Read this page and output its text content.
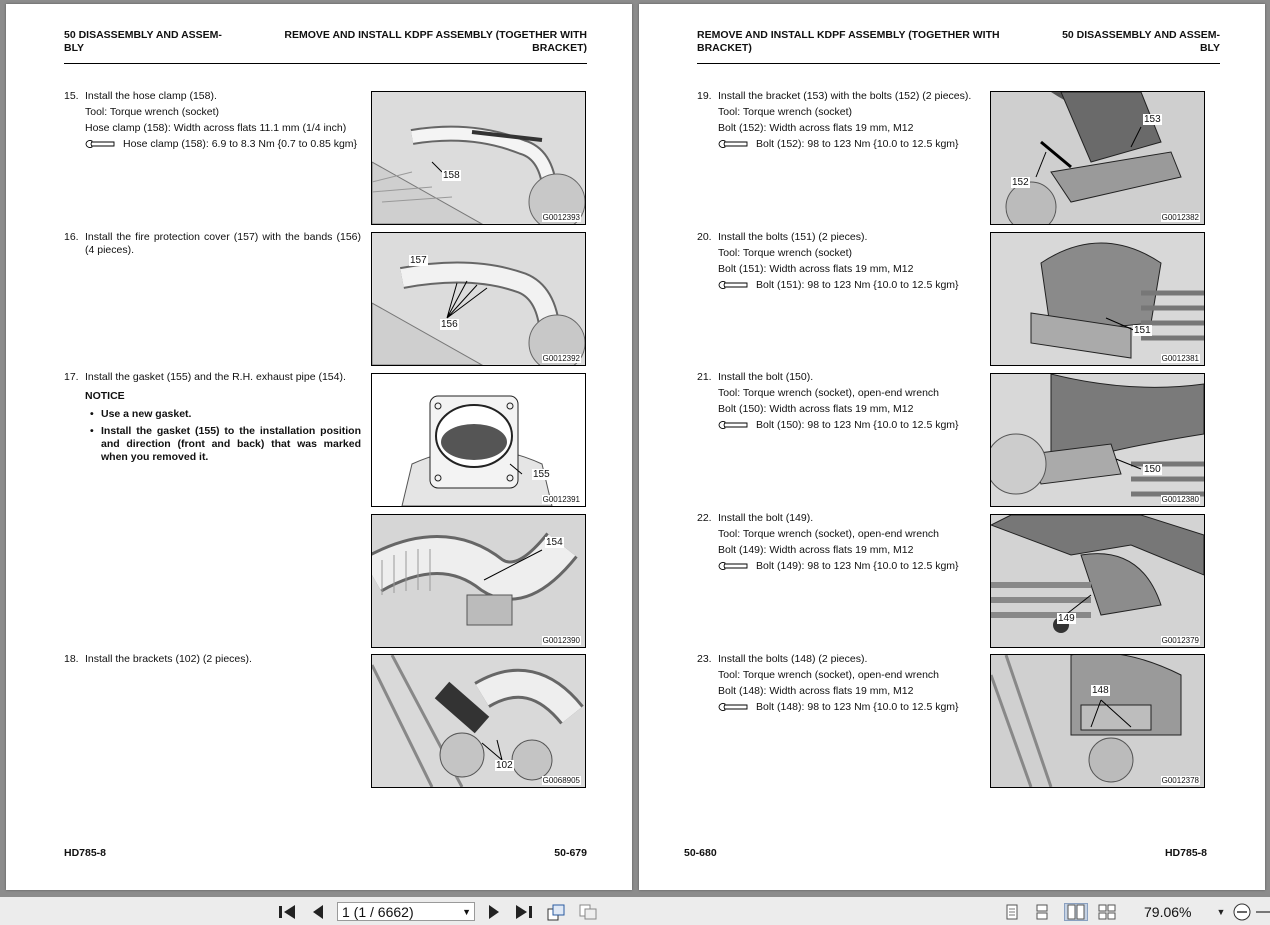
50 DISASSEMBLY AND ASSEM-BLY
REMOVE AND INSTALL KDPF ASSEMBLY (TOGETHER WITH BRACKET)
15. Install the hose clamp (158).
Tool: Torque wrench (socket)
Hose clamp (158): Width across flats 11.1 mm (1/4 inch)
Hose clamp (158): 6.9 to 8.3 Nm {0.7 to 0.85 kgm}
16. Install the fire protection cover (157) with the bands (156) (4 pieces).
17. Install the gasket (155) and the R.H. exhaust pipe (154).
NOTICE
• Use a new gasket.
• Install the gasket (155) to the installation position and direction (front and back) that was marked when you removed it.
18. Install the brackets (102) (2 pieces).
158
G0012393
157
156
G0012392
155
G0012391
154
G0012390
102
G0068905
HD785-8	50-679
REMOVE AND INSTALL KDPF ASSEMBLY (TOGETHER WITH BRACKET)
50 DISASSEMBLY AND ASSEM-BLY
19. Install the bracket (153) with the bolts (152) (2 pieces).
Tool: Torque wrench (socket)
Bolt (152): Width across flats 19 mm, M12
Bolt (152): 98 to 123 Nm {10.0 to 12.5 kgm}
20. Install the bolts (151) (2 pieces).
Tool: Torque wrench (socket)
Bolt (151): Width across flats 19 mm, M12
Bolt (151): 98 to 123 Nm {10.0 to 12.5 kgm}
21. Install the bolt (150).
Tool: Torque wrench (socket), open-end wrench
Bolt (150): Width across flats 19 mm, M12
Bolt (150): 98 to 123 Nm {10.0 to 12.5 kgm}
22. Install the bolt (149).
Tool: Torque wrench (socket), open-end wrench
Bolt (149): Width across flats 19 mm, M12
Bolt (149): 98 to 123 Nm {10.0 to 12.5 kgm}
23. Install the bolts (148) (2 pieces).
Tool: Torque wrench (socket), open-end wrench
Bolt (148): Width across flats 19 mm, M12
Bolt (148): 98 to 123 Nm {10.0 to 12.5 kgm}
153
152
G0012382
151
G0012381
150
G0012380
149
G0012379
148
G0012378
50-680	HD785-8
1 (1 / 6662)	▼	79.06%	▼
